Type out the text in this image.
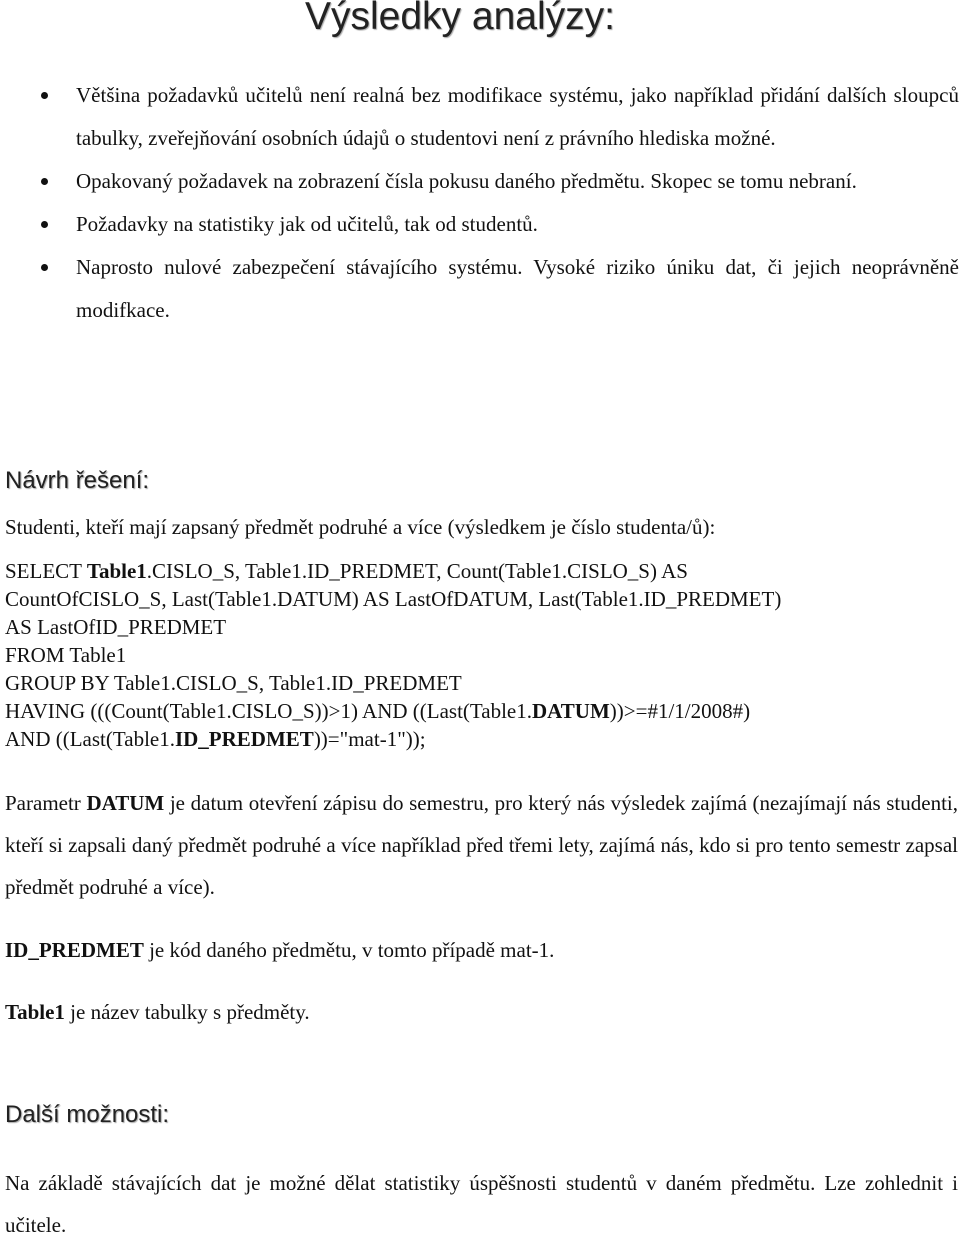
Výsledky analýzy:
Většina požadavků učitelů není realná bez modifikace systému, jako například přidání dalších sloupců tabulky, zveřejňování osobních údajů o studentovi není z právního hlediska možné.
Opakovaný požadavek na zobrazení čísla pokusu daného předmětu. Skopec se tomu nebraní.
Požadavky na statistiky jak od učitelů, tak od studentů.
Naprosto nulové zabezpečení stávajícího systému. Vysoké riziko úniku dat, či jejich neoprávněně modifkace.
Návrh řešení:
Studenti, kteří mají zapsaný předmět podruhé a více (výsledkem je číslo studenta/ů):
SELECT Table1.CISLO_S, Table1.ID_PREDMET, Count(Table1.CISLO_S) AS
CountOfCISLO_S, Last(Table1.DATUM) AS LastOfDATUM, Last(Table1.ID_PREDMET)
AS LastOfID_PREDMET
FROM Table1
GROUP BY Table1.CISLO_S, Table1.ID_PREDMET
HAVING (((Count(Table1.CISLO_S))>1) AND ((Last(Table1.DATUM))>=#1/1/2008#)
AND ((Last(Table1.ID_PREDMET))="mat-1"));
Parametr DATUM je datum otevření zápisu do semestru, pro který nás výsledek zajímá (nezajímají nás studenti, kteří si zapsali daný předmět podruhé a více například před třemi lety, zajímá nás, kdo si pro tento semestr zapsal předmět podruhé a více).
ID_PREDMET je kód daného předmětu, v tomto případě mat-1.
Table1 je název tabulky s předměty.
Další možnosti:
Na základě stávajících dat je možné dělat statistiky úspěšnosti studentů v daném předmětu. Lze zohlednit i učitele.
